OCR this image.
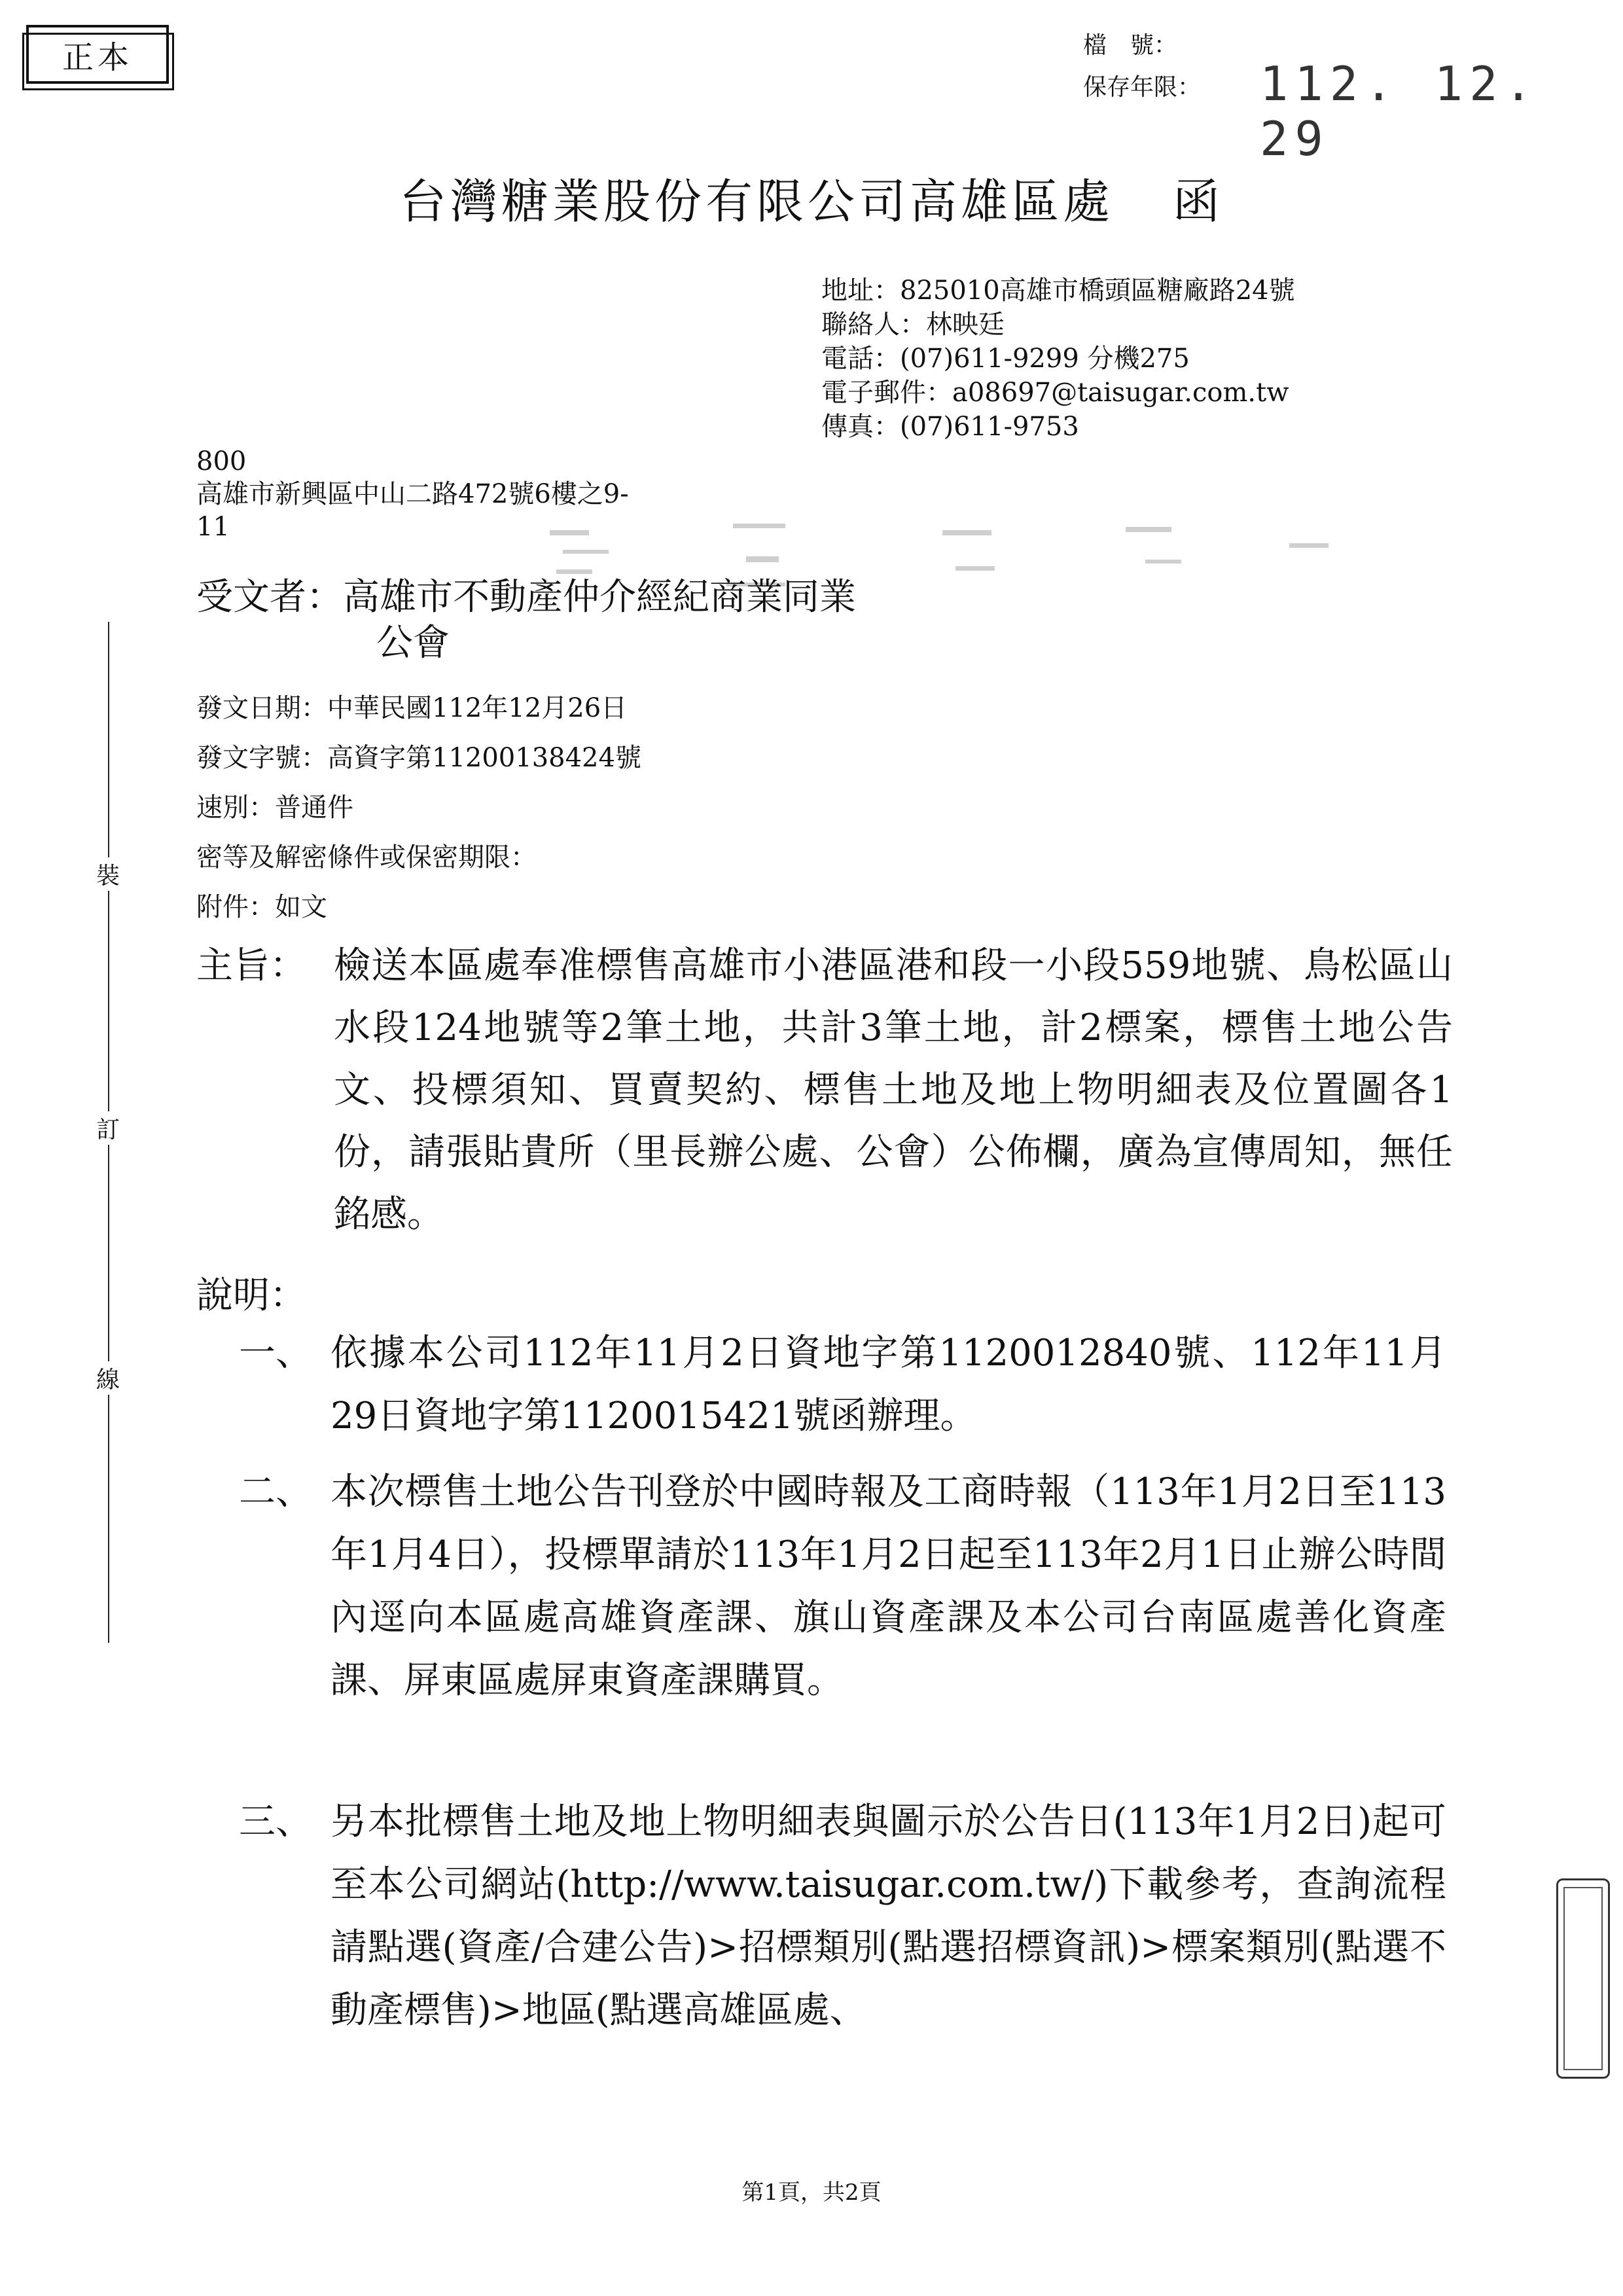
正本	檔　號：
保存年限： 112. 12. 29
台灣糖業股份有限公司高雄區處 函
地址：825010高雄市橋頭區糖廠路24號
聯絡人：林映廷
電話：(07)611-9299 分機275
電子郵件：a08697@taisugar.com.tw
傳真：(07)611-9753
800
高雄市新興區中山二路472號6樓之9-
11
受文者：高雄市不動產仲介經紀商業同業
公會
發文日期：中華民國112年12月26日
發文字號：高資字第11200138424號
速別：普通件
密等及解密條件或保密期限：
附件：如文
主旨： 檢送本區處奉准標售高雄市小港區港和段一小段559地號、鳥松區山水段124地號等2筆土地，共計3筆土地，計2標案，標售土地公告文、投標須知、買賣契約、標售土地及地上物明細表及位置圖各1份，請張貼貴所（里長辦公處、公會）公佈欄，廣為宣傳周知，無任銘感。
說明：
一、 依據本公司112年11月2日資地字第1120012840號、112年11月29日資地字第1120015421號函辦理。
二、 本次標售土地公告刊登於中國時報及工商時報（113年1月2日至113年1月4日），投標單請於113年1月2日起至113年2月1日止辦公時間內逕向本區處高雄資產課、旗山資產課及本公司台南區處善化資產課、屏東區處屏東資產課購買。
三、 另本批標售土地及地上物明細表與圖示於公告日(113年1月2日)起可至本公司網站(http://www.taisugar.com.tw/)下載參考，查詢流程請點選(資產/合建公告)>招標類別(點選招標資訊)>標案類別(點選不動產標售)>地區(點選高雄區處、
裝
訂
線
第1頁，共2頁
